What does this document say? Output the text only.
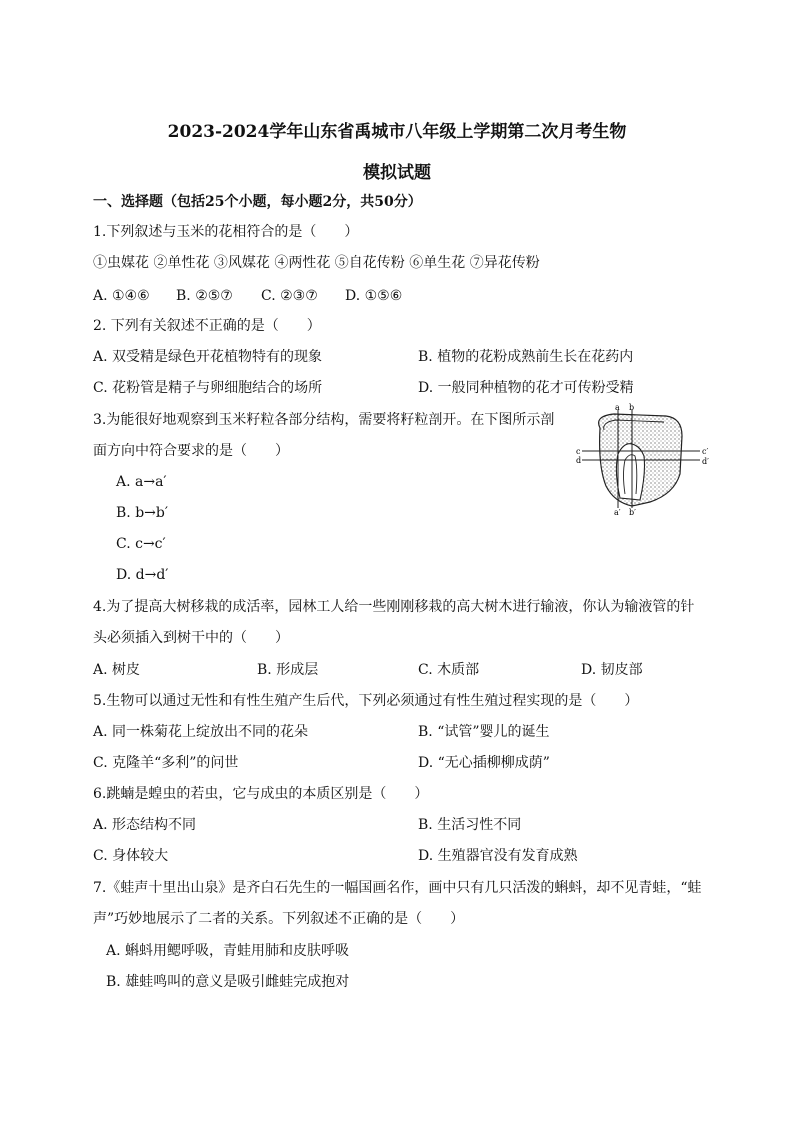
2023-2024学年山东省禹城市八年级上学期第二次月考生物
模拟试题
一、选择题（包括25个小题，每小题2分，共50分）
1.下列叙述与玉米的花相符合的是（　　）
①虫媒花 ②单性花 ③风媒花 ④两性花 ⑤自花传粉 ⑥单生花 ⑦异花传粉
A. ①④⑥ B. ②⑤⑦ C. ②③⑦ D. ①⑤⑥
2. 下列有关叙述不正确的是（　　）
A. 双受精是绿色开花植物特有的现象	B. 植物的花粉成熟前生长在花药内
C. 花粉管是精子与卵细胞结合的场所	D. 一般同种植物的花才可传粉受精
3.为能很好地观察到玉米籽粒各部分结构，需要将籽粒剖开。在下图所示剖
面方向中符合要求的是（　　）
A. a→a′
B. b→b′
C. c→c′
D. d→d′
a b
c
d
a′ b′
c′
d′
4.为了提高大树移栽的成活率，园林工人给一些刚刚移栽的高大树木进行输液，你认为输液管的针
头必须插入到树干中的（　　）
A. 树皮	B. 形成层	C. 木质部	D. 韧皮部
5.生物可以通过无性和有性生殖产生后代，下列必须通过有性生殖过程实现的是（　　）
A. 同一株菊花上绽放出不同的花朵	B. “试管”婴儿的诞生
C. 克隆羊“多利”的问世	D. “无心插柳柳成荫”
6.跳蝻是蝗虫的若虫，它与成虫的本质区别是（　　）
A. 形态结构不同	B. 生活习性不同
C. 身体较大	D. 生殖器官没有发育成熟
7.《蛙声十里出山泉》是齐白石先生的一幅国画名作，画中只有几只活泼的蝌蚪，却不见青蛙，“蛙
声”巧妙地展示了二者的关系。下列叙述不正确的是（　　）
A. 蝌蚪用鳃呼吸，青蛙用肺和皮肤呼吸
B. 雄蛙鸣叫的意义是吸引雌蛙完成抱对
